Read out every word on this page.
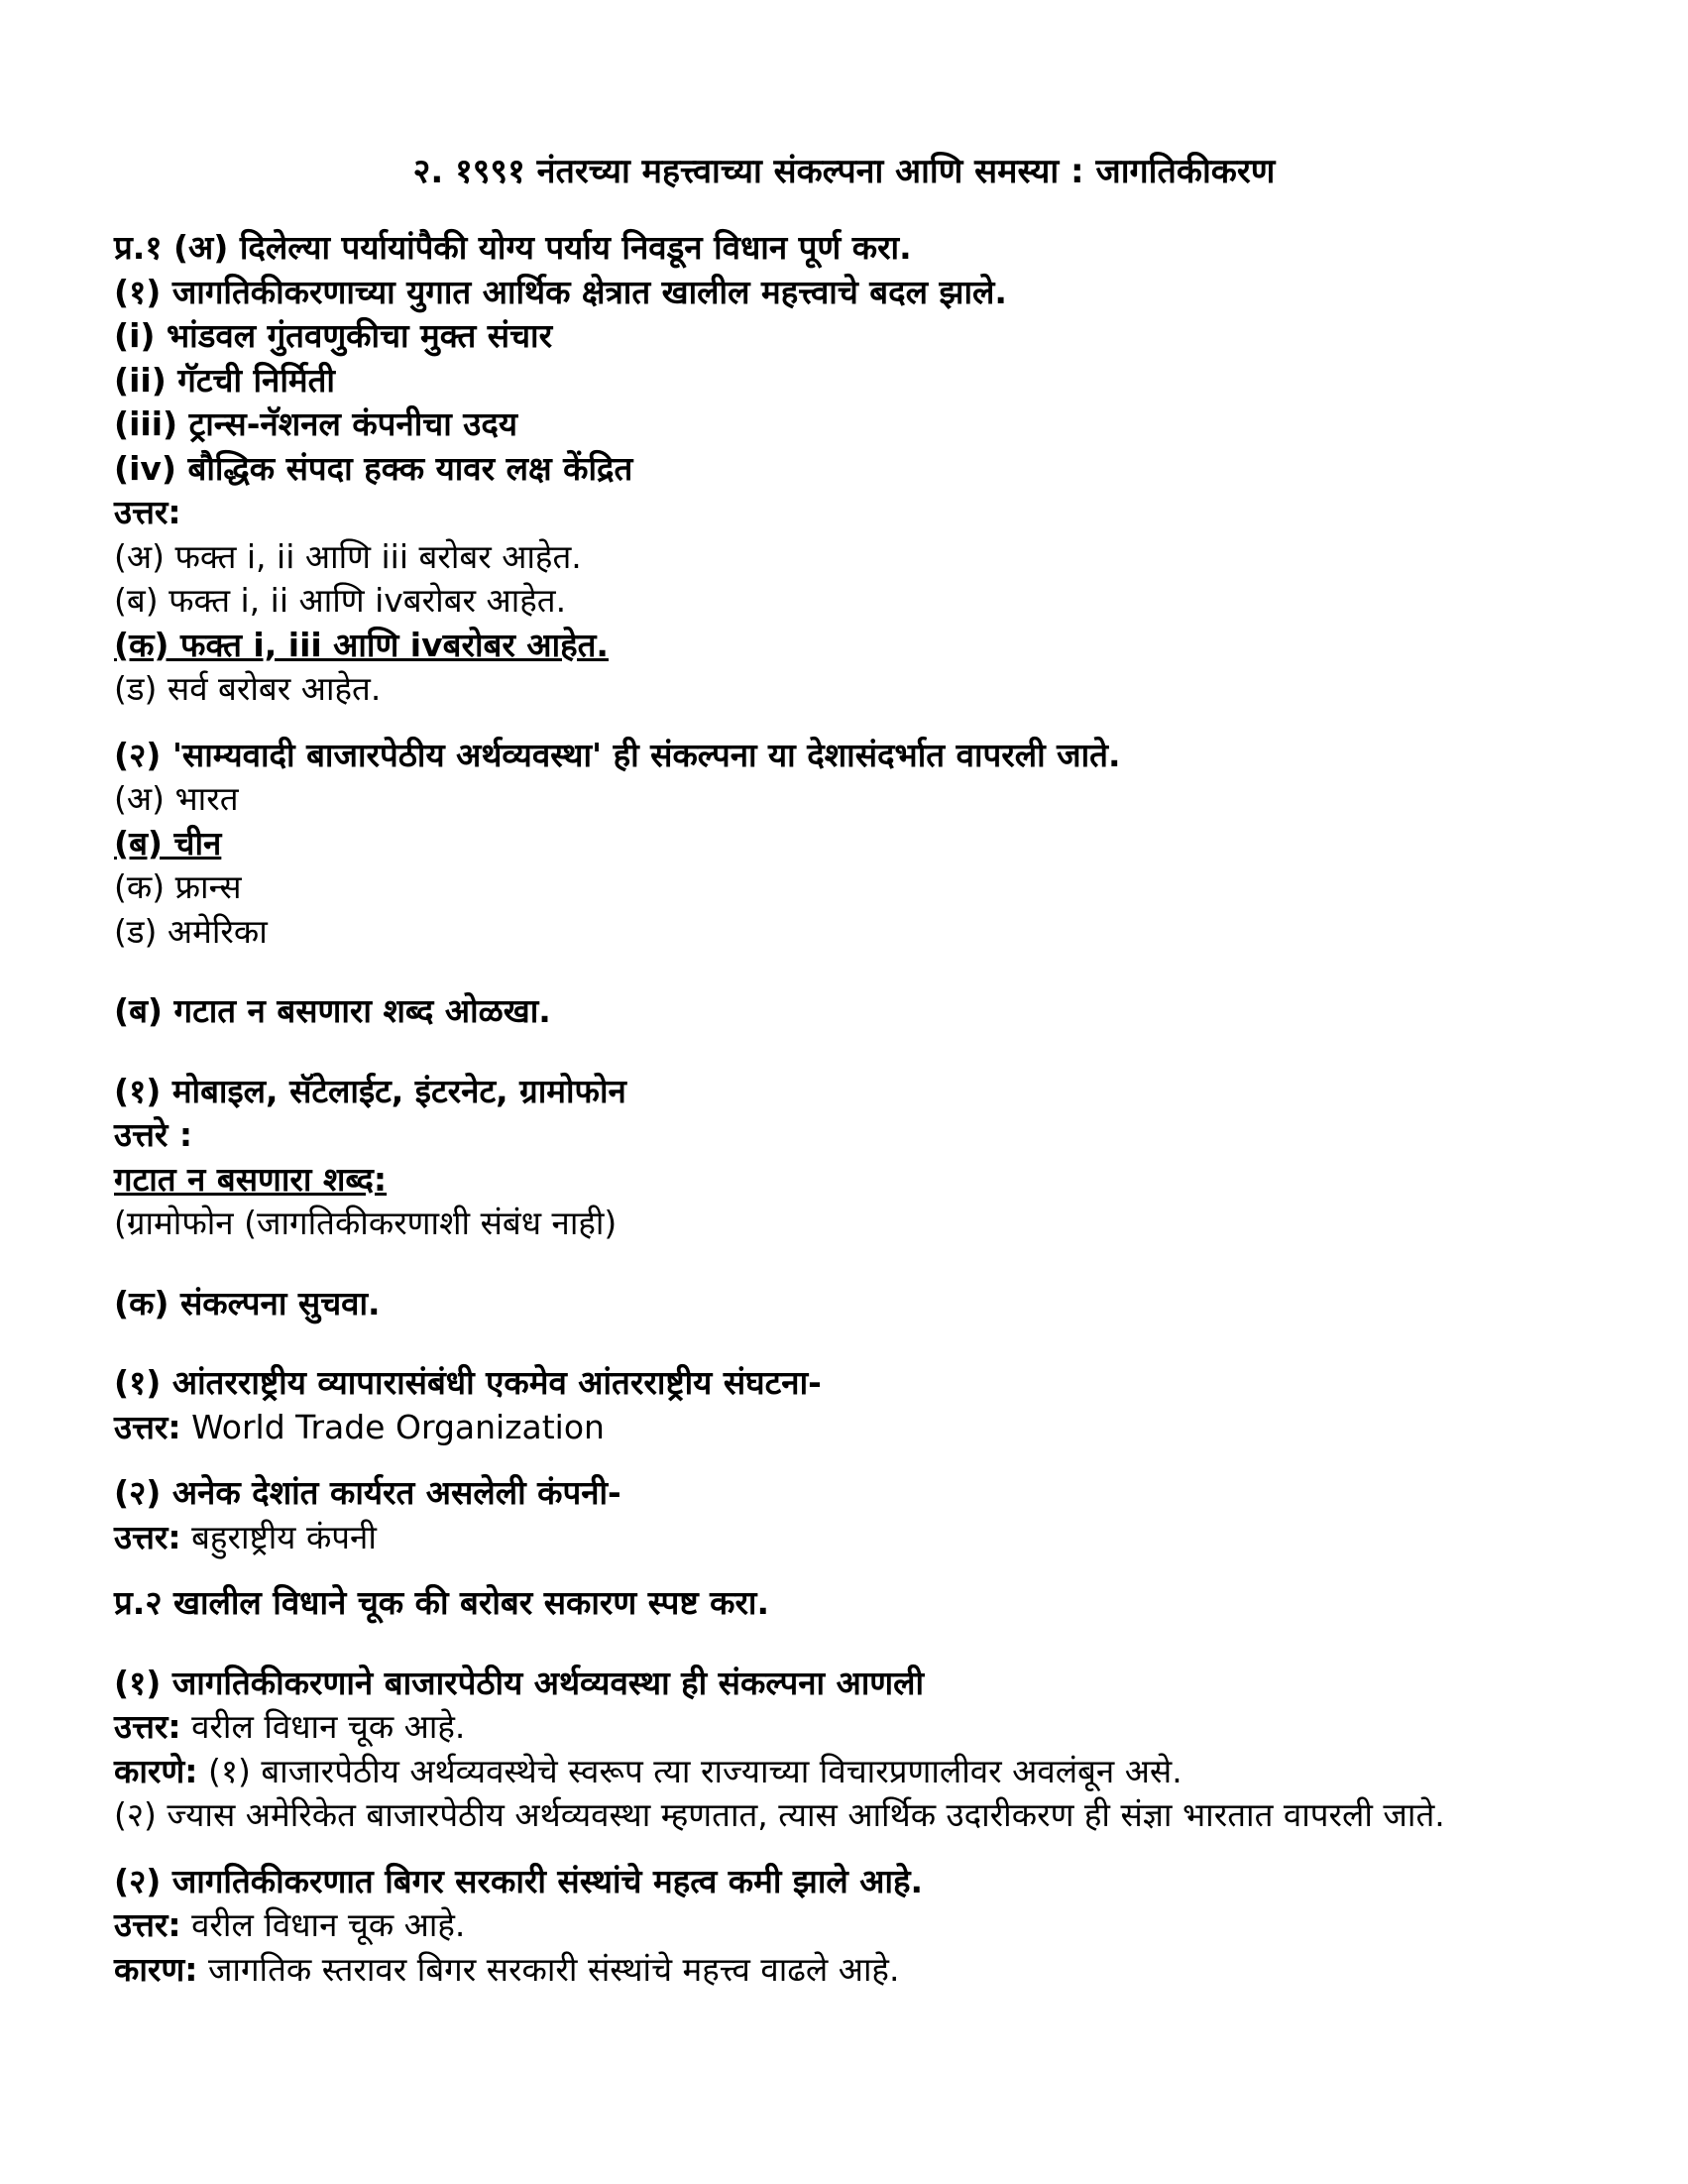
२. १९९१ नंतरच्या महत्त्वाच्या संकल्पना आणि समस्या : जागतिकीकरण
प्र.१ (अ) दिलेल्या पर्यायांपैकी योग्य पर्याय निवडून विधान पूर्ण करा.
(१) जागतिकीकरणाच्या युगात आर्थिक क्षेत्रात खालील महत्त्वाचे बदल झाले.
(i) भांडवल गुंतवणुकीचा मुक्त संचार
(ii) गॅटची निर्मिती
(iii) ट्रान्स-नॅशनल कंपनीचा उदय
(iv) बौद्धिक संपदा हक्क यावर लक्ष केंद्रित
उत्तर:
(अ) फक्त i, ii आणि iii बरोबर आहेत.
(ब) फक्त i, ii आणि ivबरोबर आहेत.
(क) फक्त i, iii आणि ivबरोबर आहेत.
(ड) सर्व बरोबर आहेत.
(२) 'साम्यवादी बाजारपेठीय अर्थव्यवस्था' ही संकल्पना या देशासंदर्भात वापरली जाते.
(अ) भारत
(ब) चीन
(क) फ्रान्स
(ड) अमेरिका
(ब) गटात न बसणारा शब्द ओळखा.
(१) मोबाइल, सॅटेलाईट, इंटरनेट, ग्रामोफोन
उत्तरे :
गटात न बसणारा शब्द:
(ग्रामोफोन (जागतिकीकरणाशी संबंध नाही)
(क) संकल्पना सुचवा.
(१) आंतरराष्ट्रीय व्यापारासंबंधी एकमेव आंतरराष्ट्रीय संघटना-
उत्तर: World Trade Organization
(२) अनेक देशांत कार्यरत असलेली कंपनी-
उत्तर: बहुराष्ट्रीय कंपनी
प्र.२ खालील विधाने चूक की बरोबर सकारण स्पष्ट करा.
(१) जागतिकीकरणाने बाजारपेठीय अर्थव्यवस्था ही संकल्पना आणली
उत्तर: वरील विधान चूक आहे.
कारणे: (१) बाजारपेठीय अर्थव्यवस्थेचे स्वरूप त्या राज्याच्या विचारप्रणालीवर अवलंबून असे.
(२) ज्यास अमेरिकेत बाजारपेठीय अर्थव्यवस्था म्हणतात, त्यास आर्थिक उदारीकरण ही संज्ञा भारतात वापरली जाते.
(२) जागतिकीकरणात बिगर सरकारी संस्थांचे महत्व कमी झाले आहे.
उत्तर: वरील विधान चूक आहे.
कारण: जागतिक स्तरावर बिगर सरकारी संस्थांचे महत्त्व वाढले आहे.
